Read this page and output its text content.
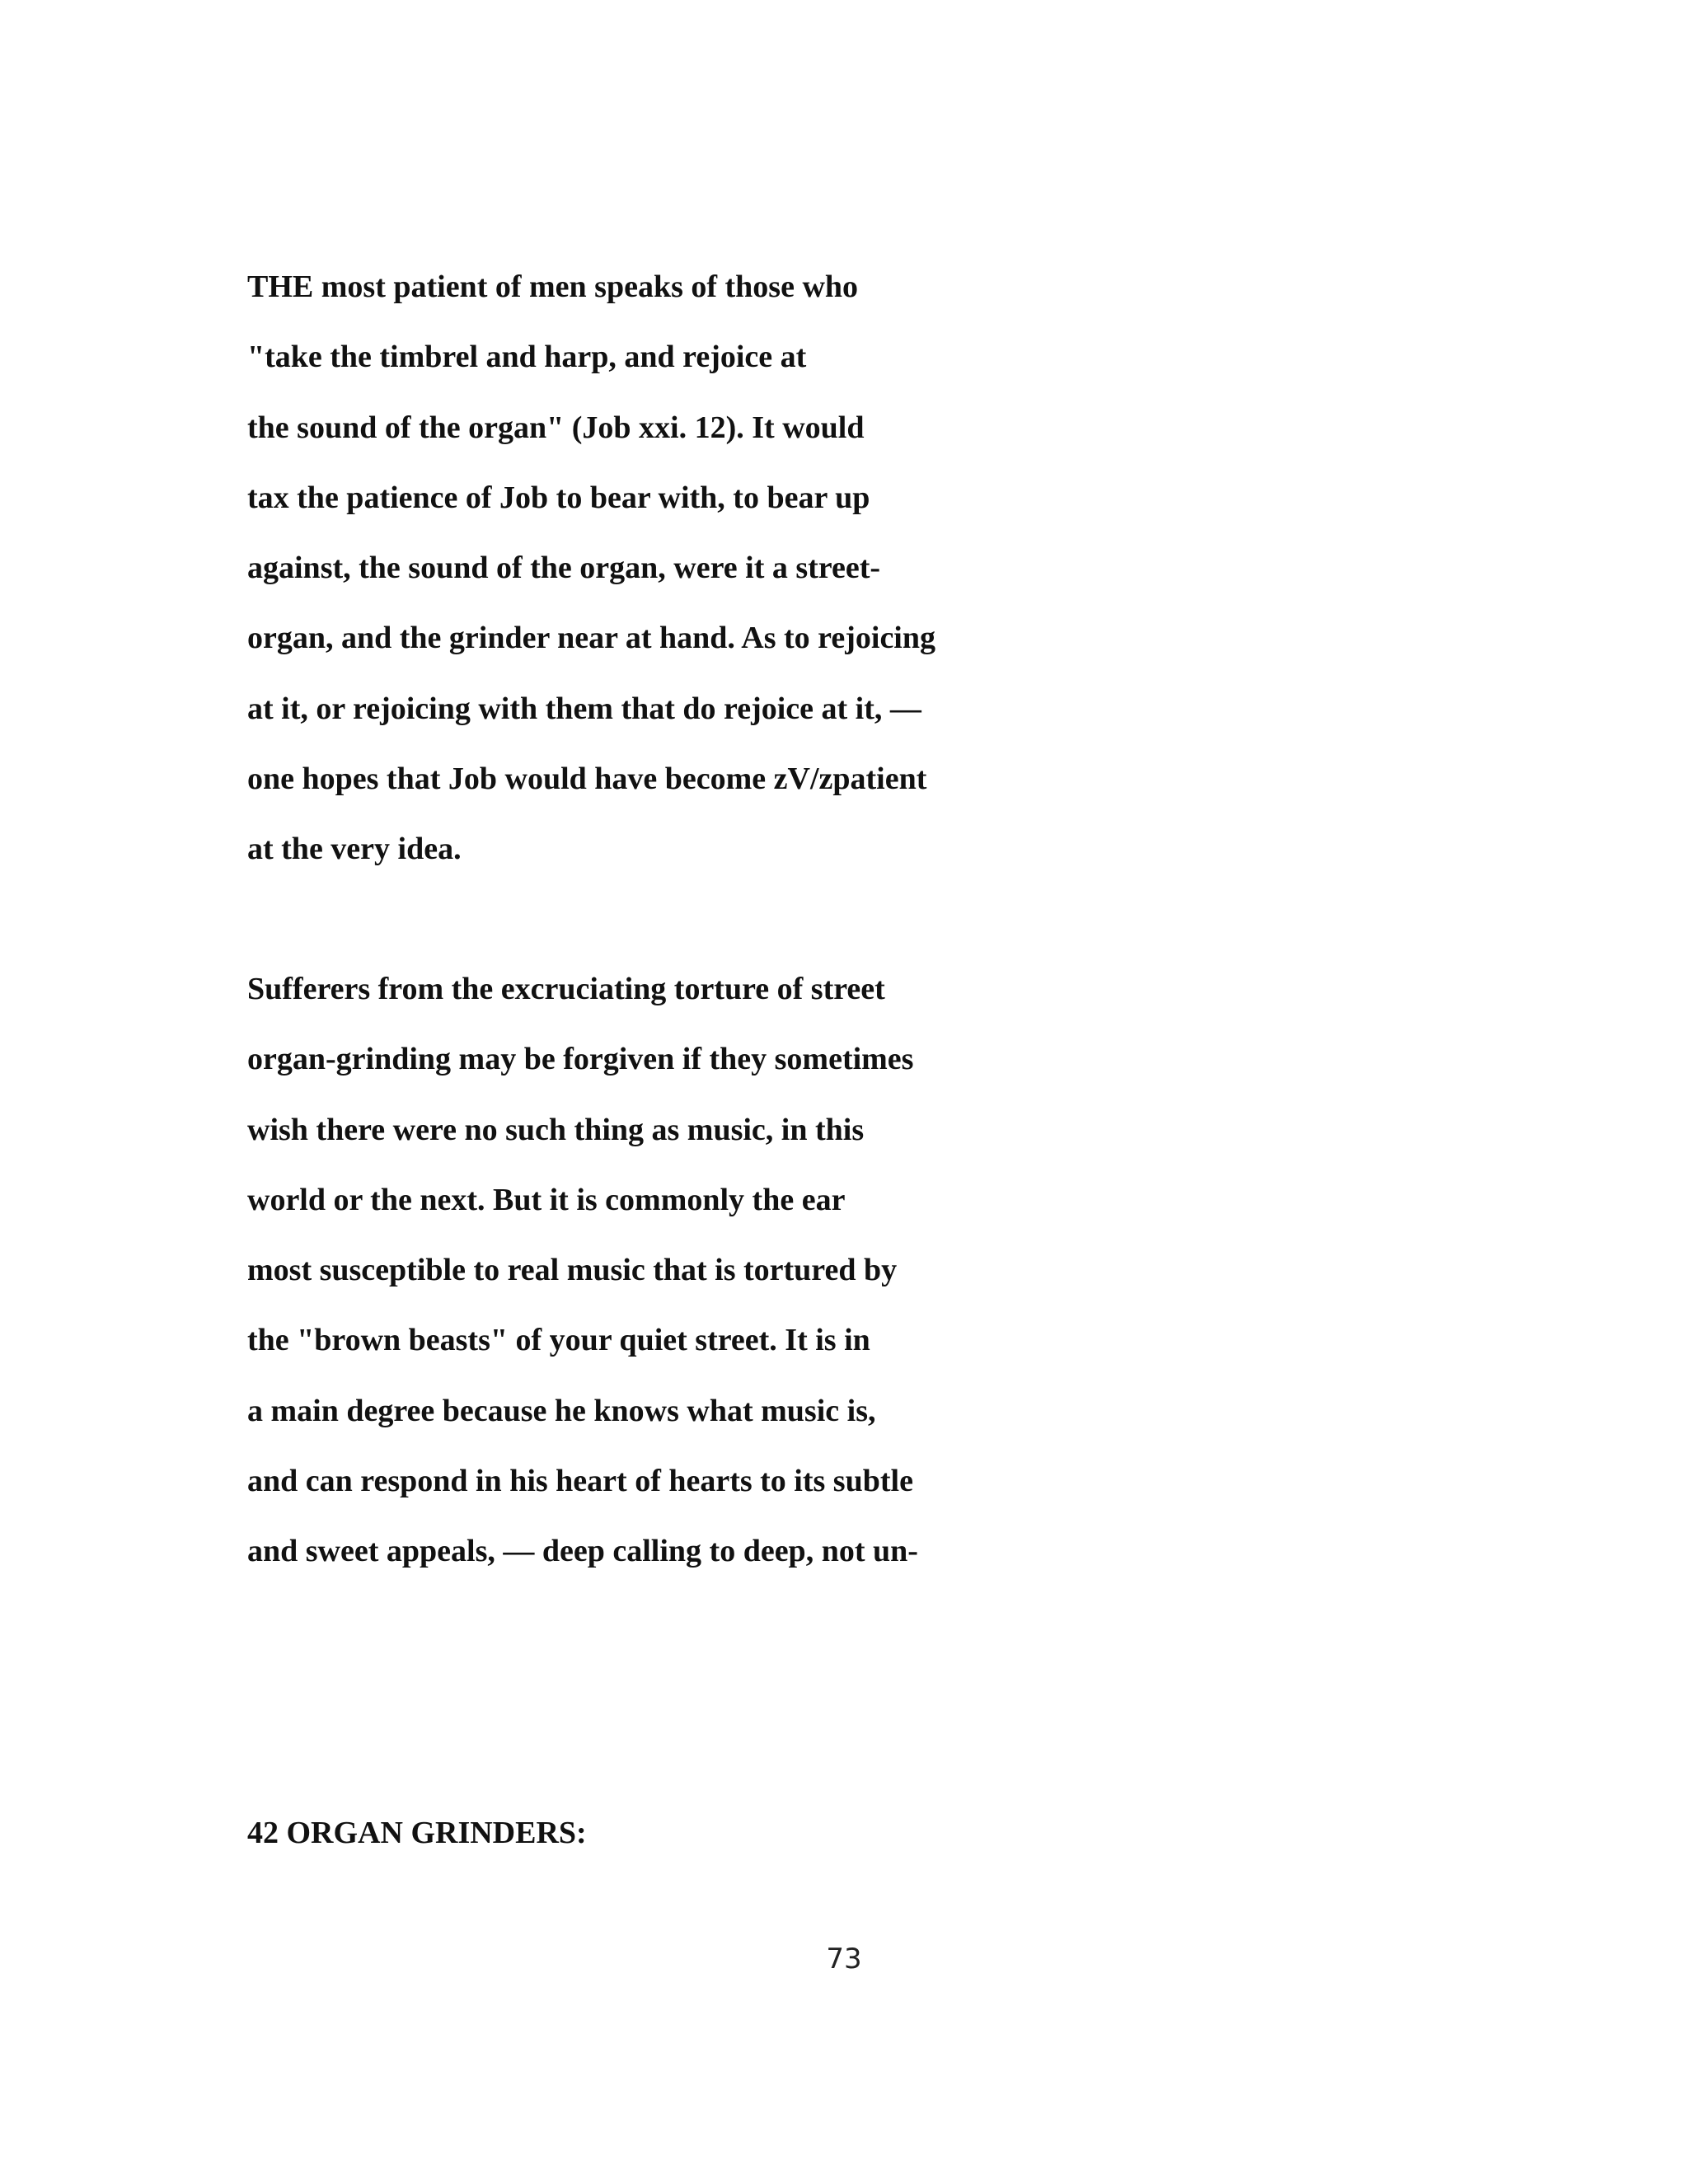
THE most patient of men speaks of those who
"take the timbrel and harp, and rejoice at
the sound of the organ" (Job xxi. 12). It would
tax the patience of Job to bear with, to bear up
against, the sound of the organ, were it a street-
organ, and the grinder near at hand. As to rejoicing
at it, or rejoicing with them that do rejoice at it, —
one hopes that Job would have become zV/zpatient
at the very idea.
Sufferers from the excruciating torture of street
organ-grinding may be forgiven if they sometimes
wish there were no such thing as music, in this
world or the next. But it is commonly the ear
most susceptible to real music that is tortured by
the "brown beasts" of your quiet street. It is in
a main degree because he knows what music is,
and can respond in his heart of hearts to its subtle
and sweet appeals, — deep calling to deep, not un-
42 ORGAN GRINDERS:
73
